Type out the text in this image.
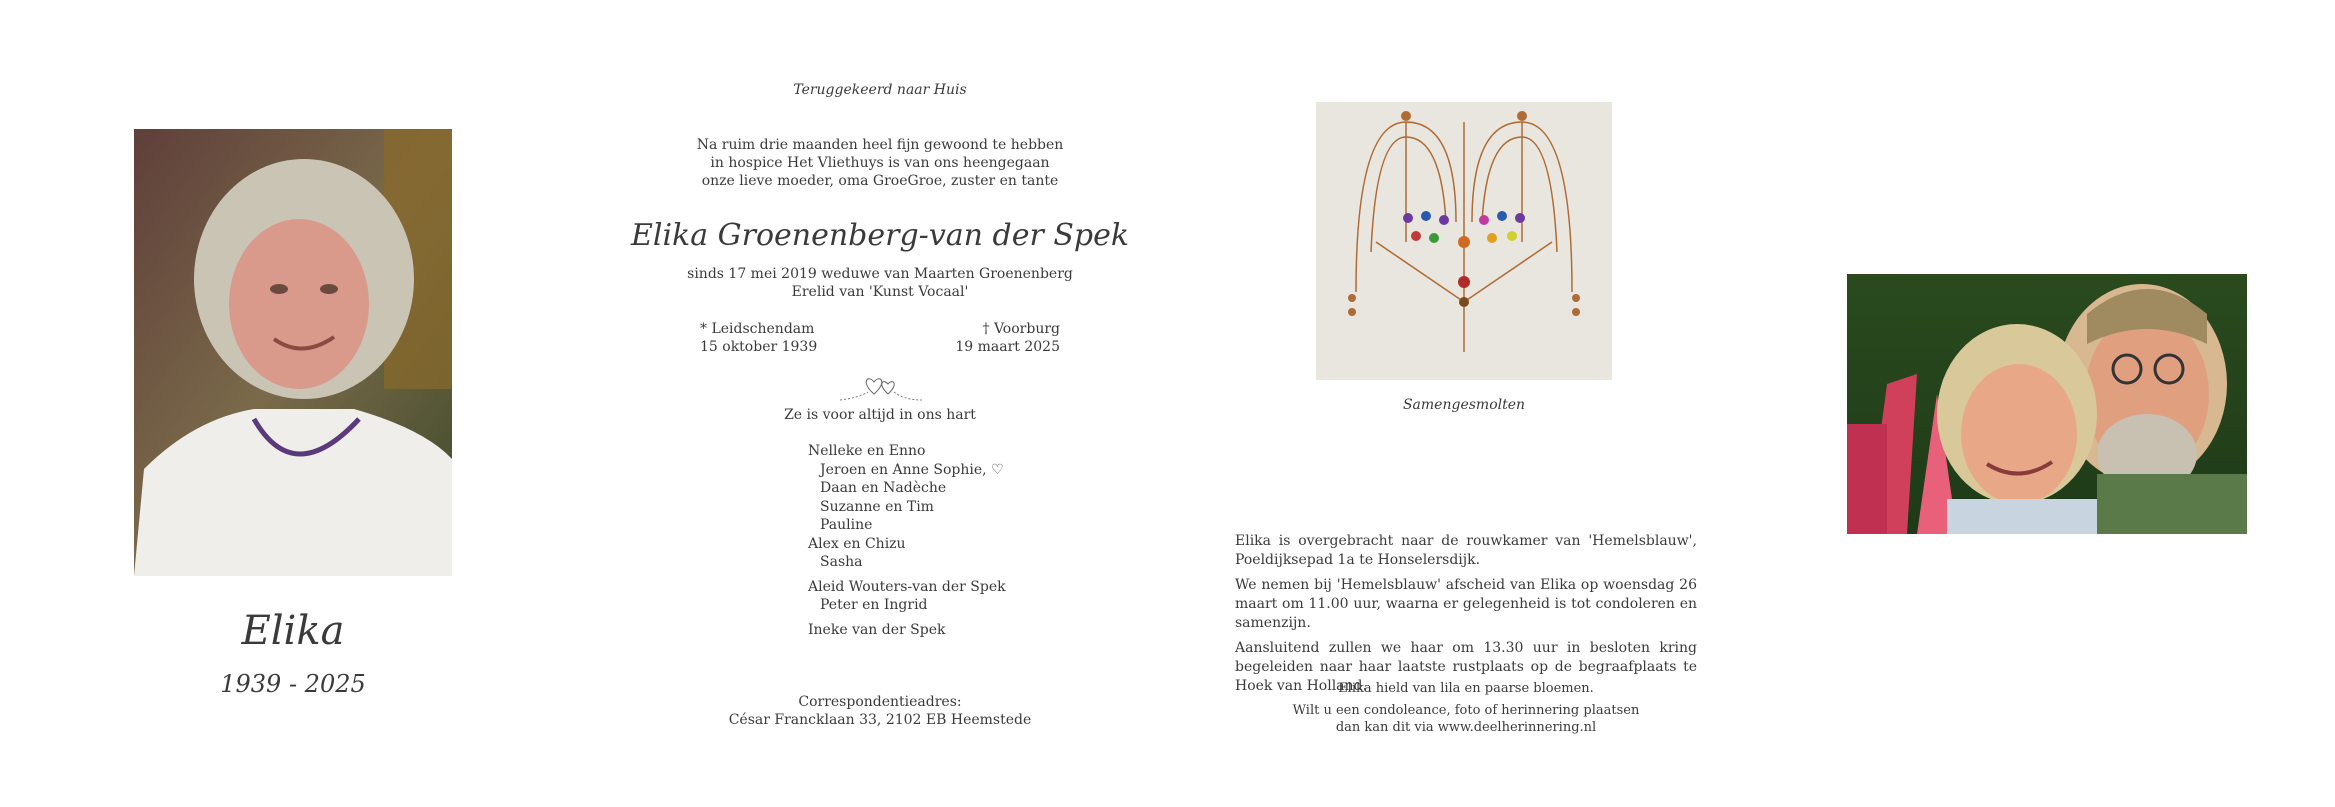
Elika
1939 - 2025
Teruggekeerd naar Huis
Na ruim drie maanden heel fijn gewoond te hebben
in hospice Het Vliethuys is van ons heengegaan
onze lieve moeder, oma GroeGroe, zuster en tante
Elika Groenenberg-van der Spek
sinds 17 mei 2019 weduwe van Maarten Groenenberg
Erelid van 'Kunst Vocaal'
* Leidschendam
15 oktober 1939
† Voorburg
19 maart 2025
Ze is voor altijd in ons hart
Nelleke en Enno
Jeroen en Anne Sophie, ♡
Daan en Nadèche
Suzanne en Tim
Pauline
Alex en Chizu
Sasha
Aleid Wouters-van der Spek
Peter en Ingrid
Ineke van der Spek
Correspondentieadres:
César Francklaan 33, 2102 EB Heemstede
Samengesmolten
Elika is overgebracht naar de rouwkamer van 'Hemelsblauw', Poeldijksepad 1a te Honselersdijk.
We nemen bij 'Hemelsblauw' afscheid van Elika op woensdag 26 maart om 11.00 uur, waarna er gelegenheid is tot condoleren en samenzijn.
Aansluitend zullen we haar om 13.30 uur in besloten kring begeleiden naar haar laatste rustplaats op de begraafplaats te Hoek van Holland.
Elika hield van lila en paarse bloemen.
Wilt u een condoleance, foto of herinnering plaatsen
dan kan dit via www.deelherinnering.nl
